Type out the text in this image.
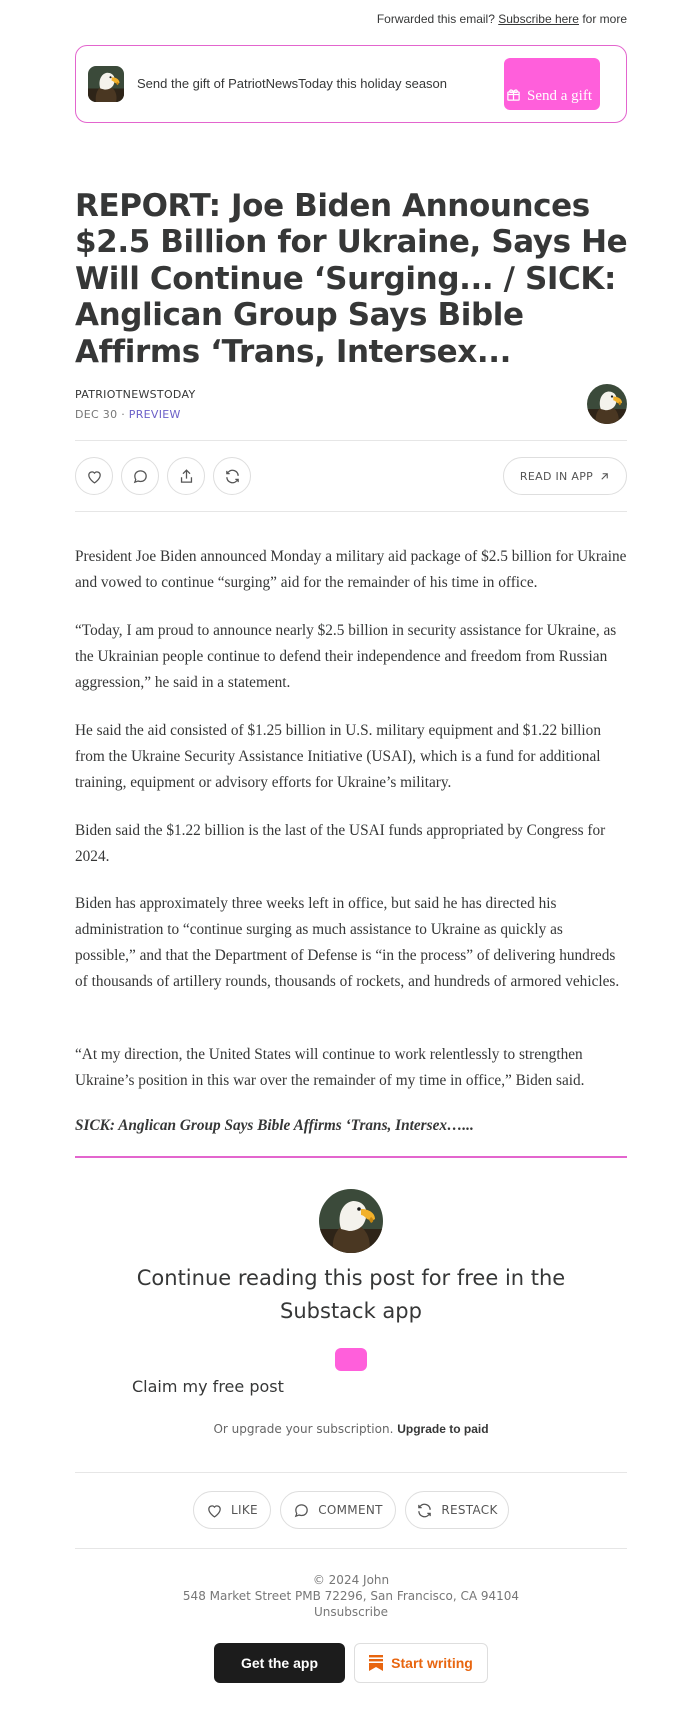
Forwarded this email? Subscribe here for more
Send the gift of PatriotNewsToday this holiday season
Send a gift
REPORT: Joe Biden Announces $2.5 Billion for Ukraine, Says He Will Continue ‘Surging... / SICK: Anglican Group Says Bible Affirms ‘Trans, Intersex...
PATRIOTNEWSTODAY
DEC 30 · PREVIEW
READ IN APP

President Joe Biden announced Monday a military aid package of $2.5 billion for Ukraine and vowed to continue “surging” aid for the remainder of his time in office.

“Today, I am proud to announce nearly $2.5 billion in security assistance for Ukraine, as the Ukrainian people continue to defend their independence and freedom from Russian aggression,” he said in a statement.

He said the aid consisted of $1.25 billion in U.S. military equipment and $1.22 billion from the Ukraine Security Assistance Initiative (USAI), which is a fund for additional training, equipment or advisory efforts for Ukraine’s military.

Biden said the $1.22 billion is the last of the USAI funds appropriated by Congress for 2024.

Biden has approximately three weeks left in office, but said he has directed his administration to “continue surging as much assistance to Ukraine as quickly as possible,” and that the Department of Defense is “in the process” of delivering hundreds of thousands of artillery rounds, thousands of rockets, and hundreds of armored vehicles.

“At my direction, the United States will continue to work relentlessly to strengthen Ukraine’s position in this war over the remainder of my time in office,” Biden said.

SICK: Anglican Group Says Bible Affirms ‘Trans, Intersex…...

Continue reading this post for free in the Substack app
Claim my free post
Or upgrade your subscription. Upgrade to paid
LIKE	COMMENT	RESTACK
© 2024 John
548 Market Street PMB 72296, San Francisco, CA 94104
Unsubscribe
Get the app	Start writing
